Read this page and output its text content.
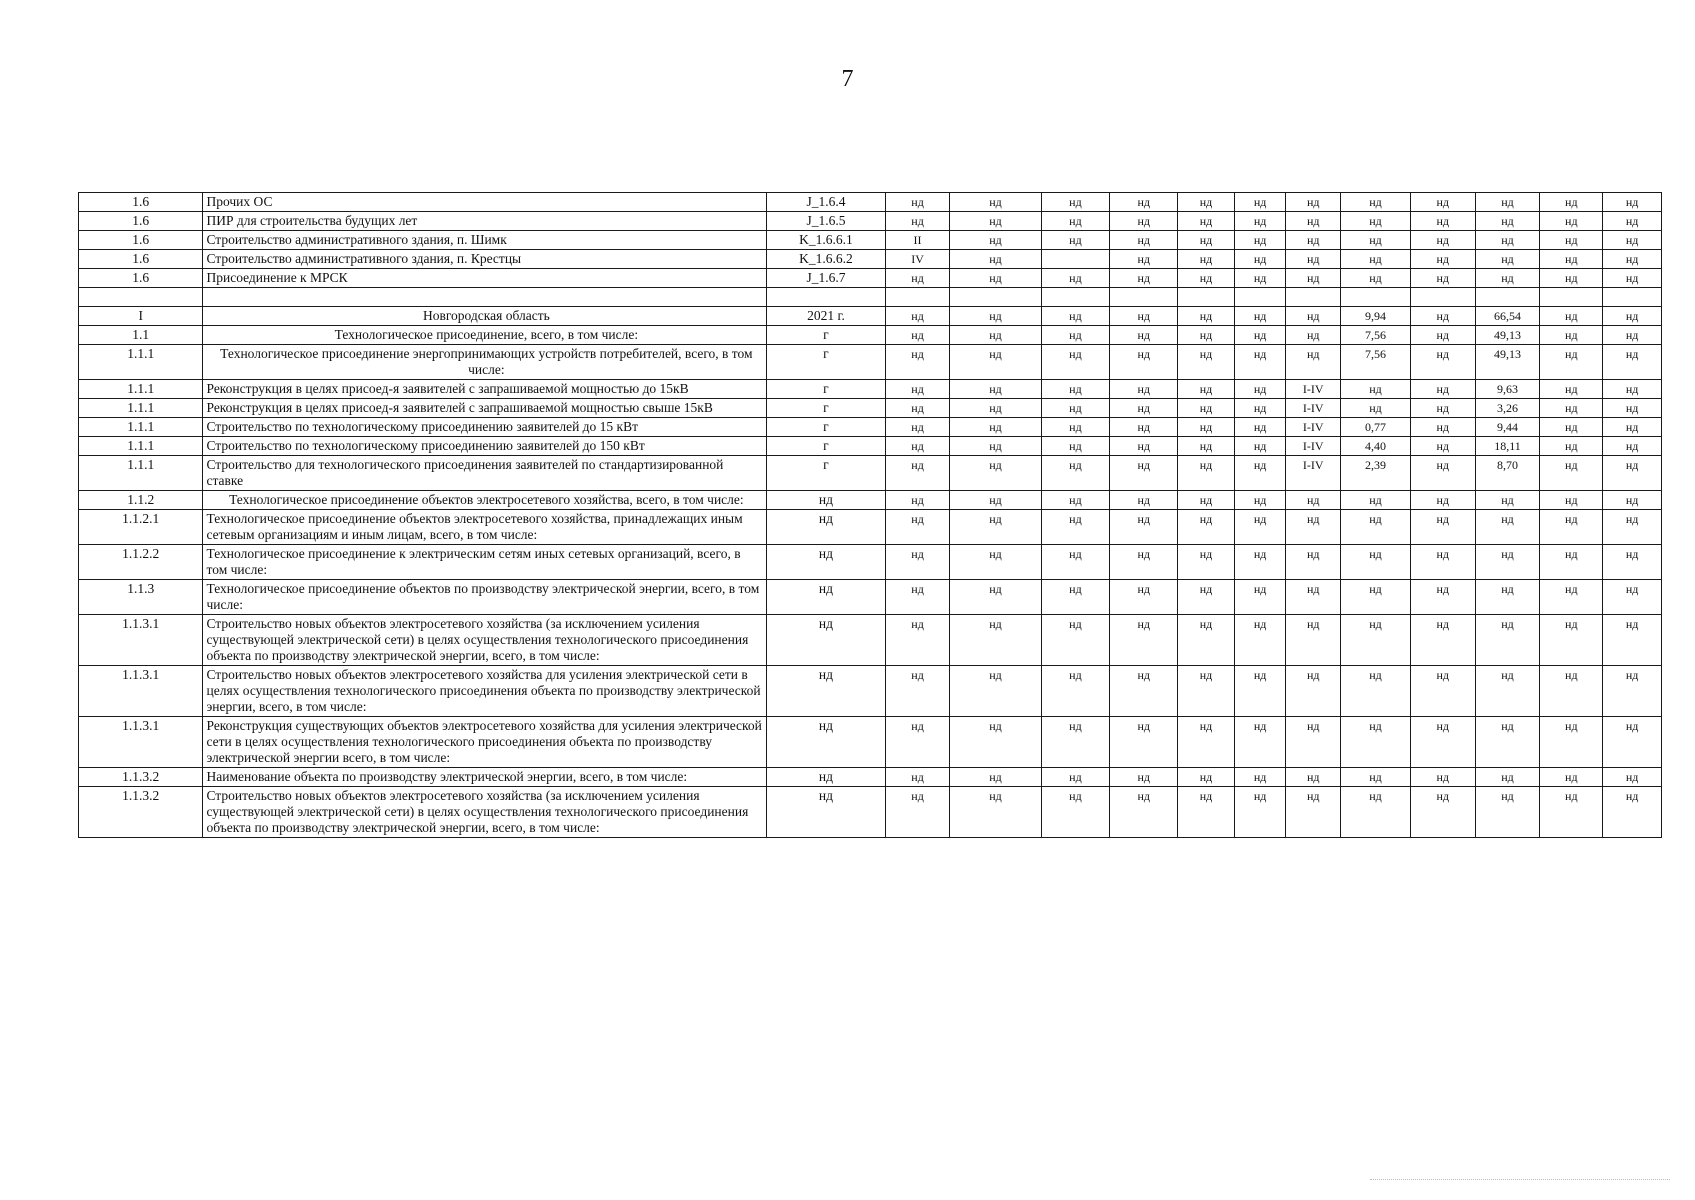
7
1.6	Прочих ОС	J_1.6.4	нд	нд	нд	нд	нд	нд	нд	нд	нд	нд	нд	нд
1.6	ПИР для строительства будущих лет	J_1.6.5	нд	нд	нд	нд	нд	нд	нд	нд	нд	нд	нд	нд
1.6	Строительство административного здания, п. Шимк	K_1.6.6.1	II	нд	нд	нд	нд	нд	нд	нд	нд	нд	нд	нд
1.6	Строительство административного здания, п. Крестцы	K_1.6.6.2	IV	нд		нд	нд	нд	нд	нд	нд	нд	нд	нд
1.6	Присоединение к МРСК	J_1.6.7	нд	нд	нд	нд	нд	нд	нд	нд	нд	нд	нд	нд

I	Новгородская область	2021 г.	нд	нд	нд	нд	нд	нд	нд	9,94	нд	66,54	нд	нд
1.1	Технологическое присоединение, всего, в том числе:	г	нд	нд	нд	нд	нд	нд	нд	7,56	нд	49,13	нд	нд
1.1.1	Технологическое присоединение энергопринимающих устройств потребителей, всего, в том числе:	г	нд	нд	нд	нд	нд	нд	нд	7,56	нд	49,13	нд	нд
1.1.1	Реконструкция в целях присоед-я заявителей с запрашиваемой мощностью до 15кВ	г	нд	нд	нд	нд	нд	нд	I-IV	нд	нд	9,63	нд	нд
1.1.1	Реконструкция в целях присоед-я заявителей с запрашиваемой мощностью свыше 15кВ	г	нд	нд	нд	нд	нд	нд	I-IV	нд	нд	3,26	нд	нд
1.1.1	Строительство по технологическому присоединению заявителей до 15 кВт	г	нд	нд	нд	нд	нд	нд	I-IV	0,77	нд	9,44	нд	нд
1.1.1	Строительство по технологическому присоединению заявителей до 150 кВт	г	нд	нд	нд	нд	нд	нд	I-IV	4,40	нд	18,11	нд	нд
1.1.1	Строительство для технологического присоединения заявителей по стандартизированной ставке	г	нд	нд	нд	нд	нд	нд	I-IV	2,39	нд	8,70	нд	нд
1.1.2	Технологическое присоединение объектов электросетевого хозяйства, всего, в том числе:	нд	нд	нд	нд	нд	нд	нд	нд	нд	нд	нд	нд	нд
1.1.2.1	Технологическое присоединение объектов электросетевого хозяйства, принадлежащих иным сетевым организациям и иным лицам, всего, в том числе:	нд	нд	нд	нд	нд	нд	нд	нд	нд	нд	нд	нд	нд
1.1.2.2	Технологическое присоединение к электрическим сетям иных сетевых организаций, всего, в том числе:	нд	нд	нд	нд	нд	нд	нд	нд	нд	нд	нд	нд	нд
1.1.3	Технологическое присоединение объектов по производству электрической энергии, всего, в том числе:	нд	нд	нд	нд	нд	нд	нд	нд	нд	нд	нд	нд	нд
1.1.3.1	Строительство новых объектов электросетевого хозяйства (за исключением усиления существующей электрической сети) в целях осуществления технологического присоединения объекта по производству электрической энергии, всего, в том числе:	нд	нд	нд	нд	нд	нд	нд	нд	нд	нд	нд	нд	нд
1.1.3.1	Строительство новых объектов электросетевого хозяйства для усиления электрической сети в целях осуществления технологического присоединения объекта по производству электрической энергии, всего, в том числе:	нд	нд	нд	нд	нд	нд	нд	нд	нд	нд	нд	нд	нд
1.1.3.1	Реконструкция существующих объектов электросетевого хозяйства для усиления электрической сети в целях осуществления технологического присоединения объекта по производству электрической энергии всего, в том числе:	нд	нд	нд	нд	нд	нд	нд	нд	нд	нд	нд	нд	нд
1.1.3.2	Наименование объекта по производству электрической энергии, всего, в том числе:	нд	нд	нд	нд	нд	нд	нд	нд	нд	нд	нд	нд	нд
1.1.3.2	Строительство новых объектов электросетевого хозяйства (за исключением усиления существующей электрической сети) в целях осуществления технологического присоединения объекта по производству электрической энергии, всего, в том числе:	нд	нд	нд	нд	нд	нд	нд	нд	нд	нд	нд	нд	нд
